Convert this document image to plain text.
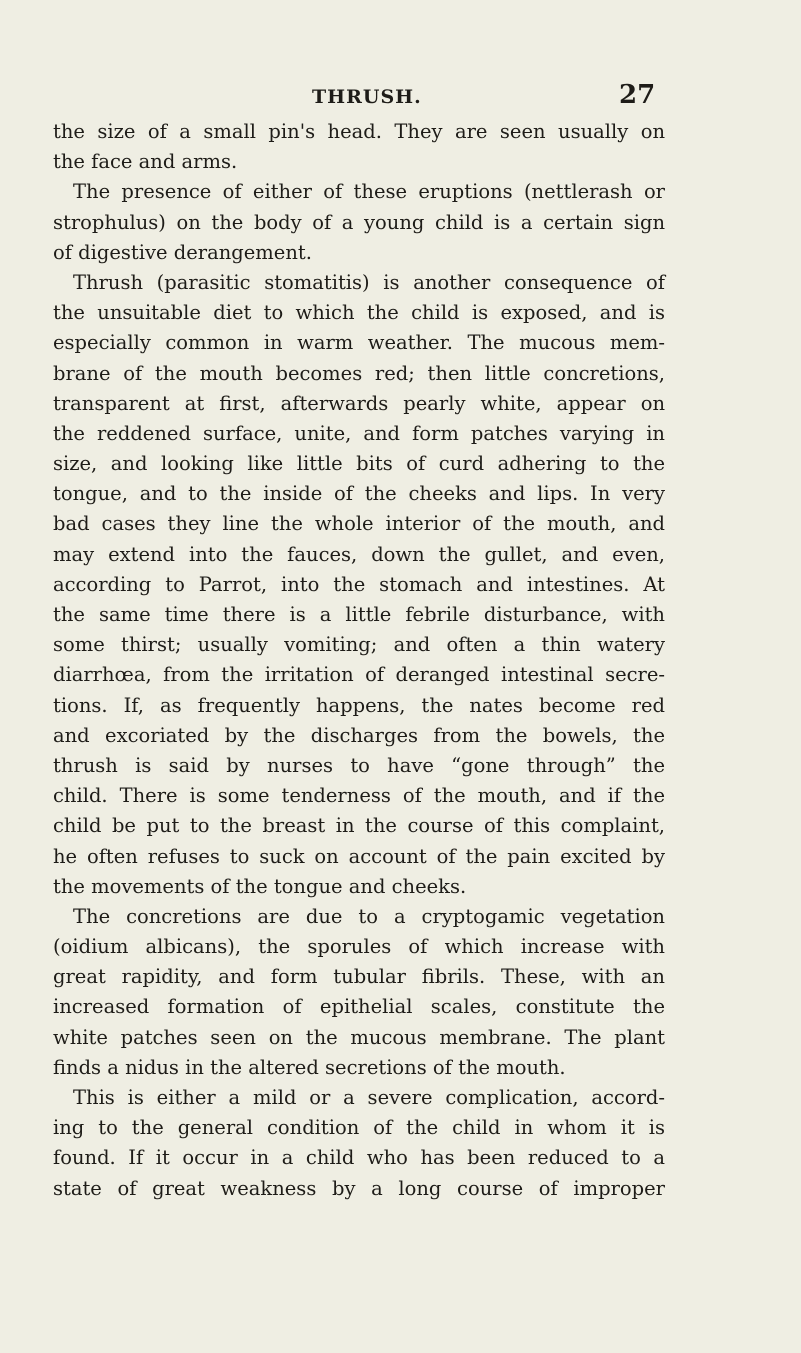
THRUSH.	27
the size of a small pin's head. They are seen usually on
the face and arms.
The presence of either of these eruptions (nettlerash or
strophulus) on the body of a young child is a certain sign
of digestive derangement.
Thrush (parasitic stomatitis) is another consequence of
the unsuitable diet to which the child is exposed, and is
especially common in warm weather. The mucous mem-
brane of the mouth becomes red; then little concretions,
transparent at first, afterwards pearly white, appear on
the reddened surface, unite, and form patches varying in
size, and looking like little bits of curd adhering to the
tongue, and to the inside of the cheeks and lips. In very
bad cases they line the whole interior of the mouth, and
may extend into the fauces, down the gullet, and even,
according to Parrot, into the stomach and intestines. At
the same time there is a little febrile disturbance, with
some thirst; usually vomiting; and often a thin watery
diarrhœa, from the irritation of deranged intestinal secre-
tions. If, as frequently happens, the nates become red
and excoriated by the discharges from the bowels, the
thrush is said by nurses to have “gone through” the
child. There is some tenderness of the mouth, and if the
child be put to the breast in the course of this complaint,
he often refuses to suck on account of the pain excited by
the movements of the tongue and cheeks.
The concretions are due to a cryptogamic vegetation
(oidium albicans), the sporules of which increase with
great rapidity, and form tubular fibrils. These, with an
increased formation of epithelial scales, constitute the
white patches seen on the mucous membrane. The plant
finds a nidus in the altered secretions of the mouth.
This is either a mild or a severe complication, accord-
ing to the general condition of the child in whom it is
found. If it occur in a child who has been reduced to a
state of great weakness by a long course of improper
